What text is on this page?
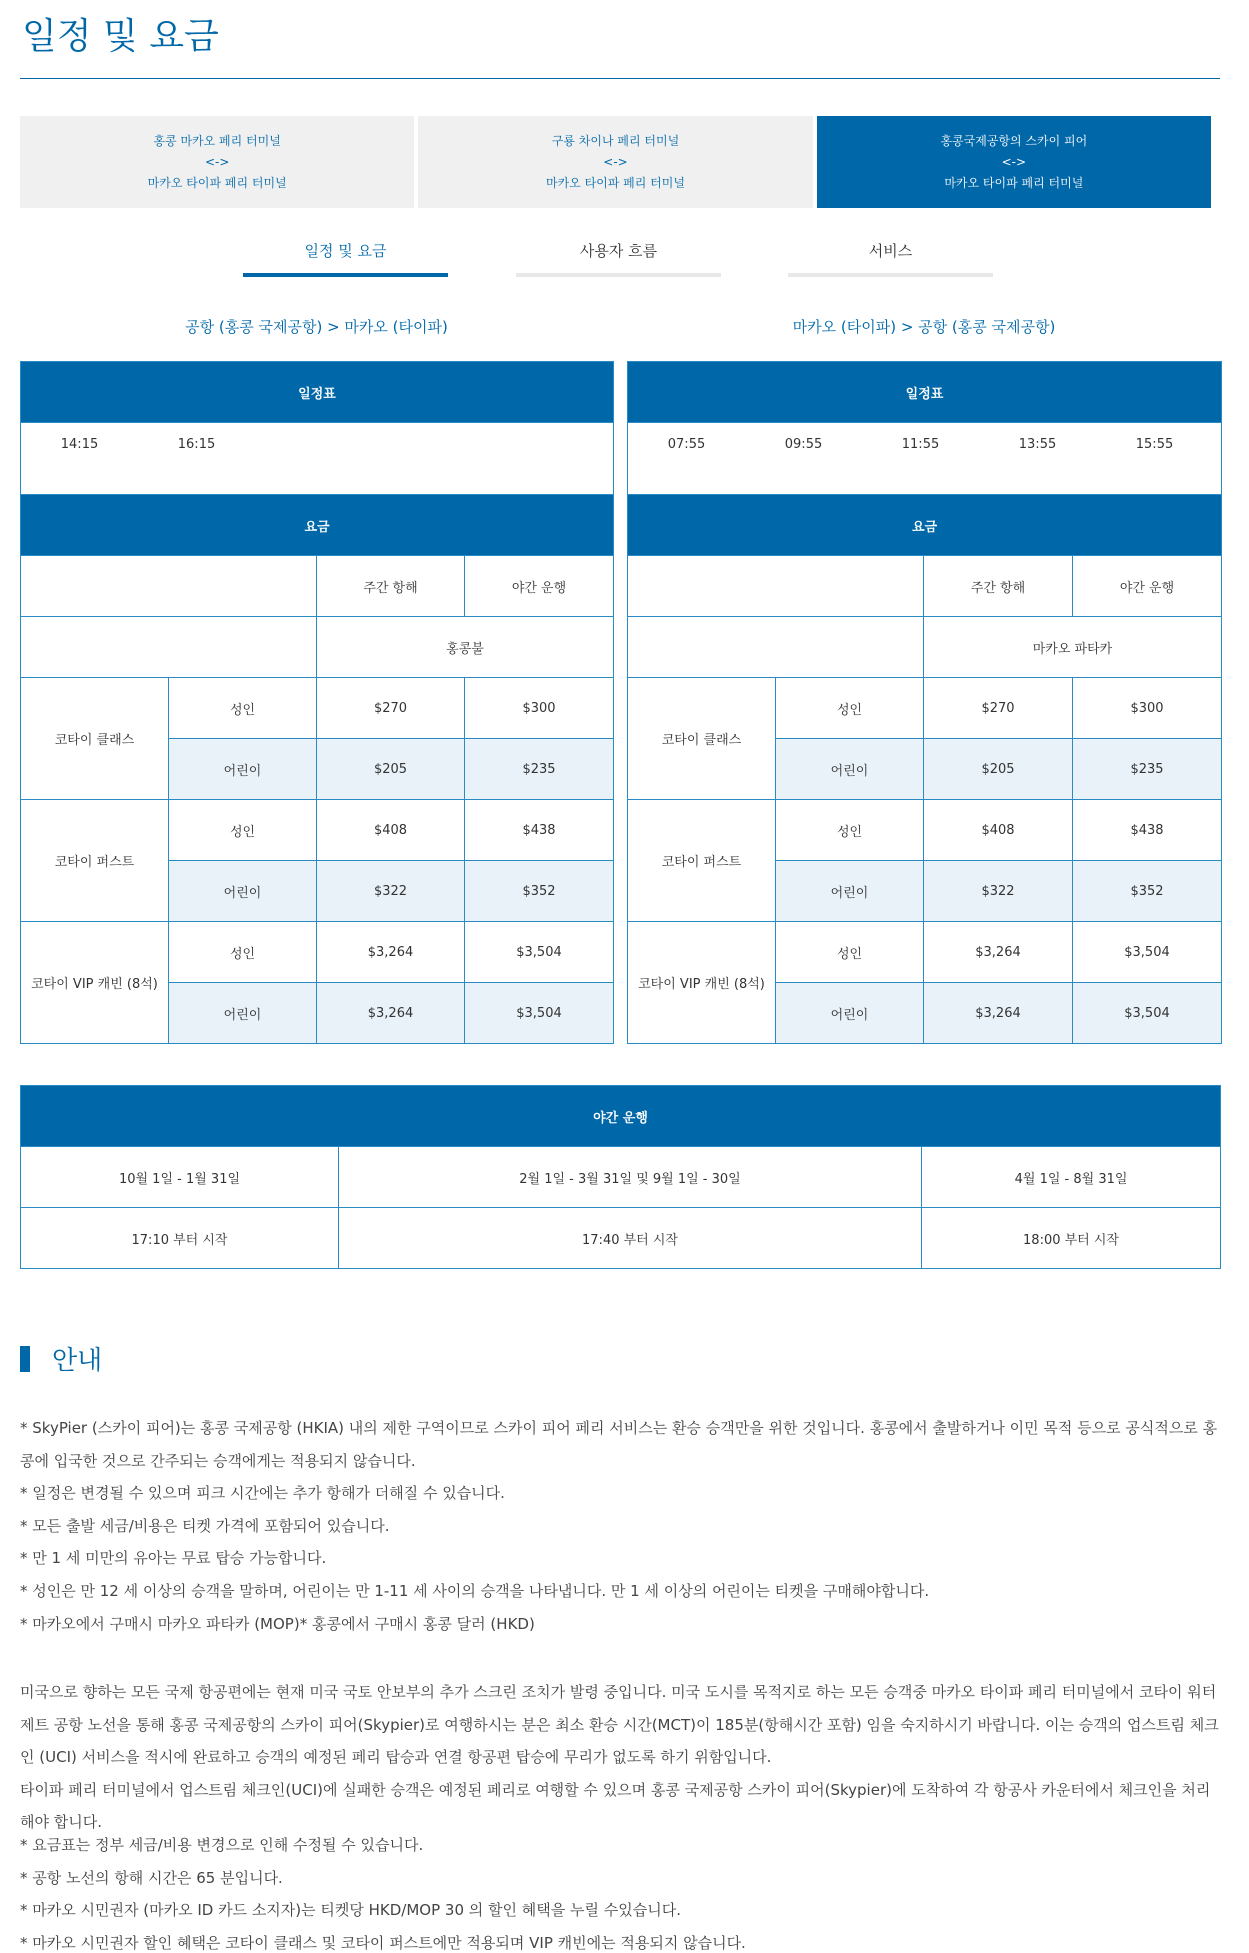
일정 및 요금
홍콩 마카오 페리 터미널
<->
마카오 타이파 페리 터미널
구룡 차이나 페리 터미널
<->
마카오 타이파 페리 터미널
홍콩국제공항의 스카이 피어
<->
마카오 타이파 페리 터미널
일정 및 요금	사용자 흐름	서비스
공항 (홍콩 국제공항) > 마카오 (타이파)	마카오 (타이파) > 공항 (홍콩 국제공항)
일정표			
14:15 16:15			
요금			
		주간 항해	야간 운행
		홍콩불	
코타이 클래스	성인	$270	$300
	어린이	$205	$235
코타이 퍼스트	성인	$408	$438
	어린이	$322	$352
코타이 VIP 캐빈 (8석)	성인	$3,264	$3,504
	어린이	$3,264	$3,504
일정표			
07:55 09:55 11:55 13:55 15:55			
요금			
		주간 항해	야간 운행
		마카오 파타카	
코타이 클래스	성인	$270	$300
	어린이	$205	$235
코타이 퍼스트	성인	$408	$438
	어린이	$322	$352
코타이 VIP 캐빈 (8석)	성인	$3,264	$3,504
	어린이	$3,264	$3,504
야간 운행		
10월 1일 - 1월 31일	2월 1일 - 3월 31일 및 9월 1일 - 30일	4월 1일 - 8월 31일
17:10 부터 시작	17:40 부터 시작	18:00 부터 시작
안내

* SkyPier (스카이 피어)는 홍콩 국제공항 (HKIA) 내의 제한 구역이므로 스카이 피어 페리 서비스는 환승 승객만을 위한 것입니다. 홍콩에서 출발하거나 이민 목적 등으로 공식적으로 홍콩에 입국한 것으로 간주되는 승객에게는 적용되지 않습니다.

* 일정은 변경될 수 있으며 피크 시간에는 추가 항해가 더해질 수 있습니다.

* 모든 출발 세금/비용은 티켓 가격에 포함되어 있습니다.

* 만 1 세 미만의 유아는 무료 탑승 가능합니다.

* 성인은 만 12 세 이상의 승객을 말하며, 어린이는 만 1-11 세 사이의 승객을 나타냅니다. 만 1 세 이상의 어린이는 티켓을 구매해야합니다.

* 마카오에서 구매시 마카오 파타카 (MOP)* 홍콩에서 구매시 홍콩 달러 (HKD)

미국으로 향하는 모든 국제 항공편에는 현재 미국 국토 안보부의 추가 스크린 조치가 발령 중입니다. 미국 도시를 목적지로 하는 모든 승객중 마카오 타이파 페리 터미널에서 코타이 워터 제트 공항 노선을 통해 홍콩 국제공항의 스카이 피어(Skypier)로 여행하시는 분은 최소 환승 시간(MCT)이 185분(항해시간 포함) 임을 숙지하시기 바랍니다. 이는 승객의 업스트림 체크인 (UCI) 서비스을 적시에 완료하고 승객의 예정된 페리 탑승과 연결 항공편 탑승에 무리가 없도록 하기 위함입니다.

타이파 페리 터미널에서 업스트림 체크인(UCI)에 실패한 승객은 예정된 페리로 여행할 수 있으며 홍콩 국제공항 스카이 피어(Skypier)에 도착하여 각 항공사 카운터에서 체크인을 처리해야 합니다.

* 요금표는 정부 세금/비용 변경으로 인해 수정될 수 있습니다.

* 공항 노선의 항해 시간은 65 분입니다.

* 마카오 시민권자 (마카오 ID 카드 소지자)는 티켓당 HKD/MOP 30 의 할인 혜택을 누릴 수있습니다.

* 마카오 시민권자 할인 혜택은 코타이 클래스 및 코타이 퍼스트에만 적용되며 VIP 캐빈에는 적용되지 않습니다.
